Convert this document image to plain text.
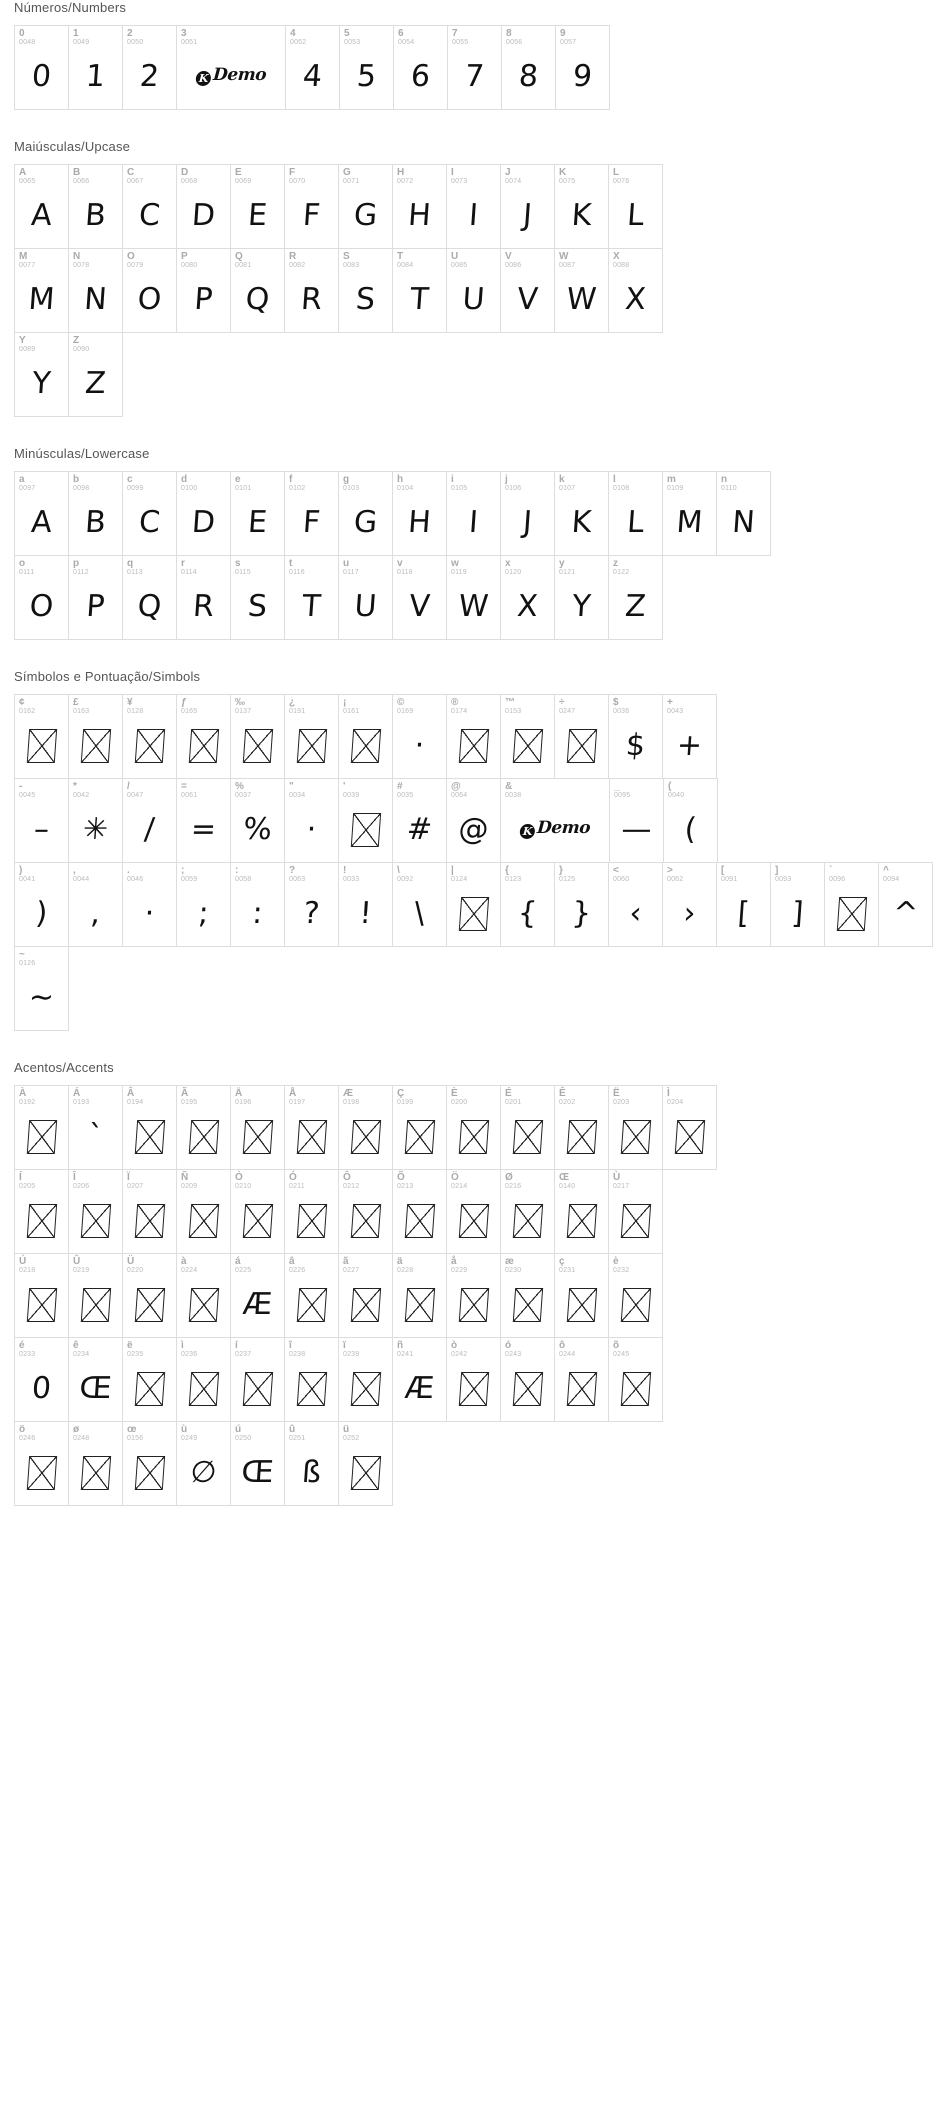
Números/Numbers
0
0048
0
1
0049
1
2
0050
2
3
0051
K Demo
4
0052
4
5
0053
5
6
0054
6
7
0055
7
8
0056
8
9
0057
9
Maiúsculas/Upcase
A
0065
A
B
0066
B
C
0067
C
D
0068
D
E
0069
E
F
0070
F
G
0071
G
H
0072
H
I
0073
I
J
0074
J
K
0075
K
L
0076
L
M
0077
M
N
0078
N
O
0079
O
P
0080
P
Q
0081
Q
R
0082
R
S
0083
S
T
0084
T
U
0085
U
V
0086
V
W
0087
W
X
0088
X
Y
0089
Y
Z
0090
Z
Minúsculas/Lowercase
a
0097
A
b
0098
B
c
0099
C
d
0100
D
e
0101
E
f
0102
F
g
0103
G
h
0104
H
i
0105
I
j
0106
J
k
0107
K
l
0108
L
m
0109
M
n
0110
N
o
0111
O
p
0112
P
q
0113
Q
r
0114
R
s
0115
S
t
0116
T
u
0117
U
v
0118
V
w
0119
W
x
0120
X
y
0121
Y
z
0122
Z
Símbolos e Pontuação/Simbols
¢
0162
£
0163
¥
0128
ƒ
0165
‰
0137
¿
0191
¡
0161
©
0169
·
®
0174
™
0153
÷
0247
$
0036
$
+
0043
+
-
0045
–
*
0042
✳
/
0047
/
=
0061
=
%
0037
%
"
0034
·
'
0039
#
0035
#
@
0064
@
&
0038
K Demo
_
0095
—
(
0040
(
)
0041
)
,
0044
,
.
0046
·
;
0059
;
:
0058
:
?
0063
?
!
0033
!
\
0092
\
|
0124
{
0123
{
}
0125
}
<
0060
‹
>
0062
›
[
0091
[
]
0093
]
`
0096
^
0094
^
~
0126
~
Acentos/Accents
À
0192
Á
0193
`
Â
0194
Ã
0195
Ä
0196
Å
0197
Æ
0198
Ç
0199
È
0200
É
0201
Ê
0202
Ë
0203
Ì
0204
Í
0205
Î
0206
Ï
0207
Ñ
0209
Ò
0210
Ó
0211
Ô
0212
Õ
0213
Ö
0214
Ø
0216
Œ
0140
Ù
0217
Ú
0218
Û
0219
Ü
0220
à
0224
á
0225
Æ
â
0226
ã
0227
ä
0228
å
0229
æ
0230
ç
0231
è
0232
é
0233
0
ê
0234
Œ
ë
0235
ì
0236
í
0237
î
0238
ï
0239
ñ
0241
Æ
ò
0242
ó
0243
ô
0244
õ
0245
ö
0246
ø
0248
œ
0156
ù
0249
∅
ú
0250
Œ
û
0251
ß
ü
0252
